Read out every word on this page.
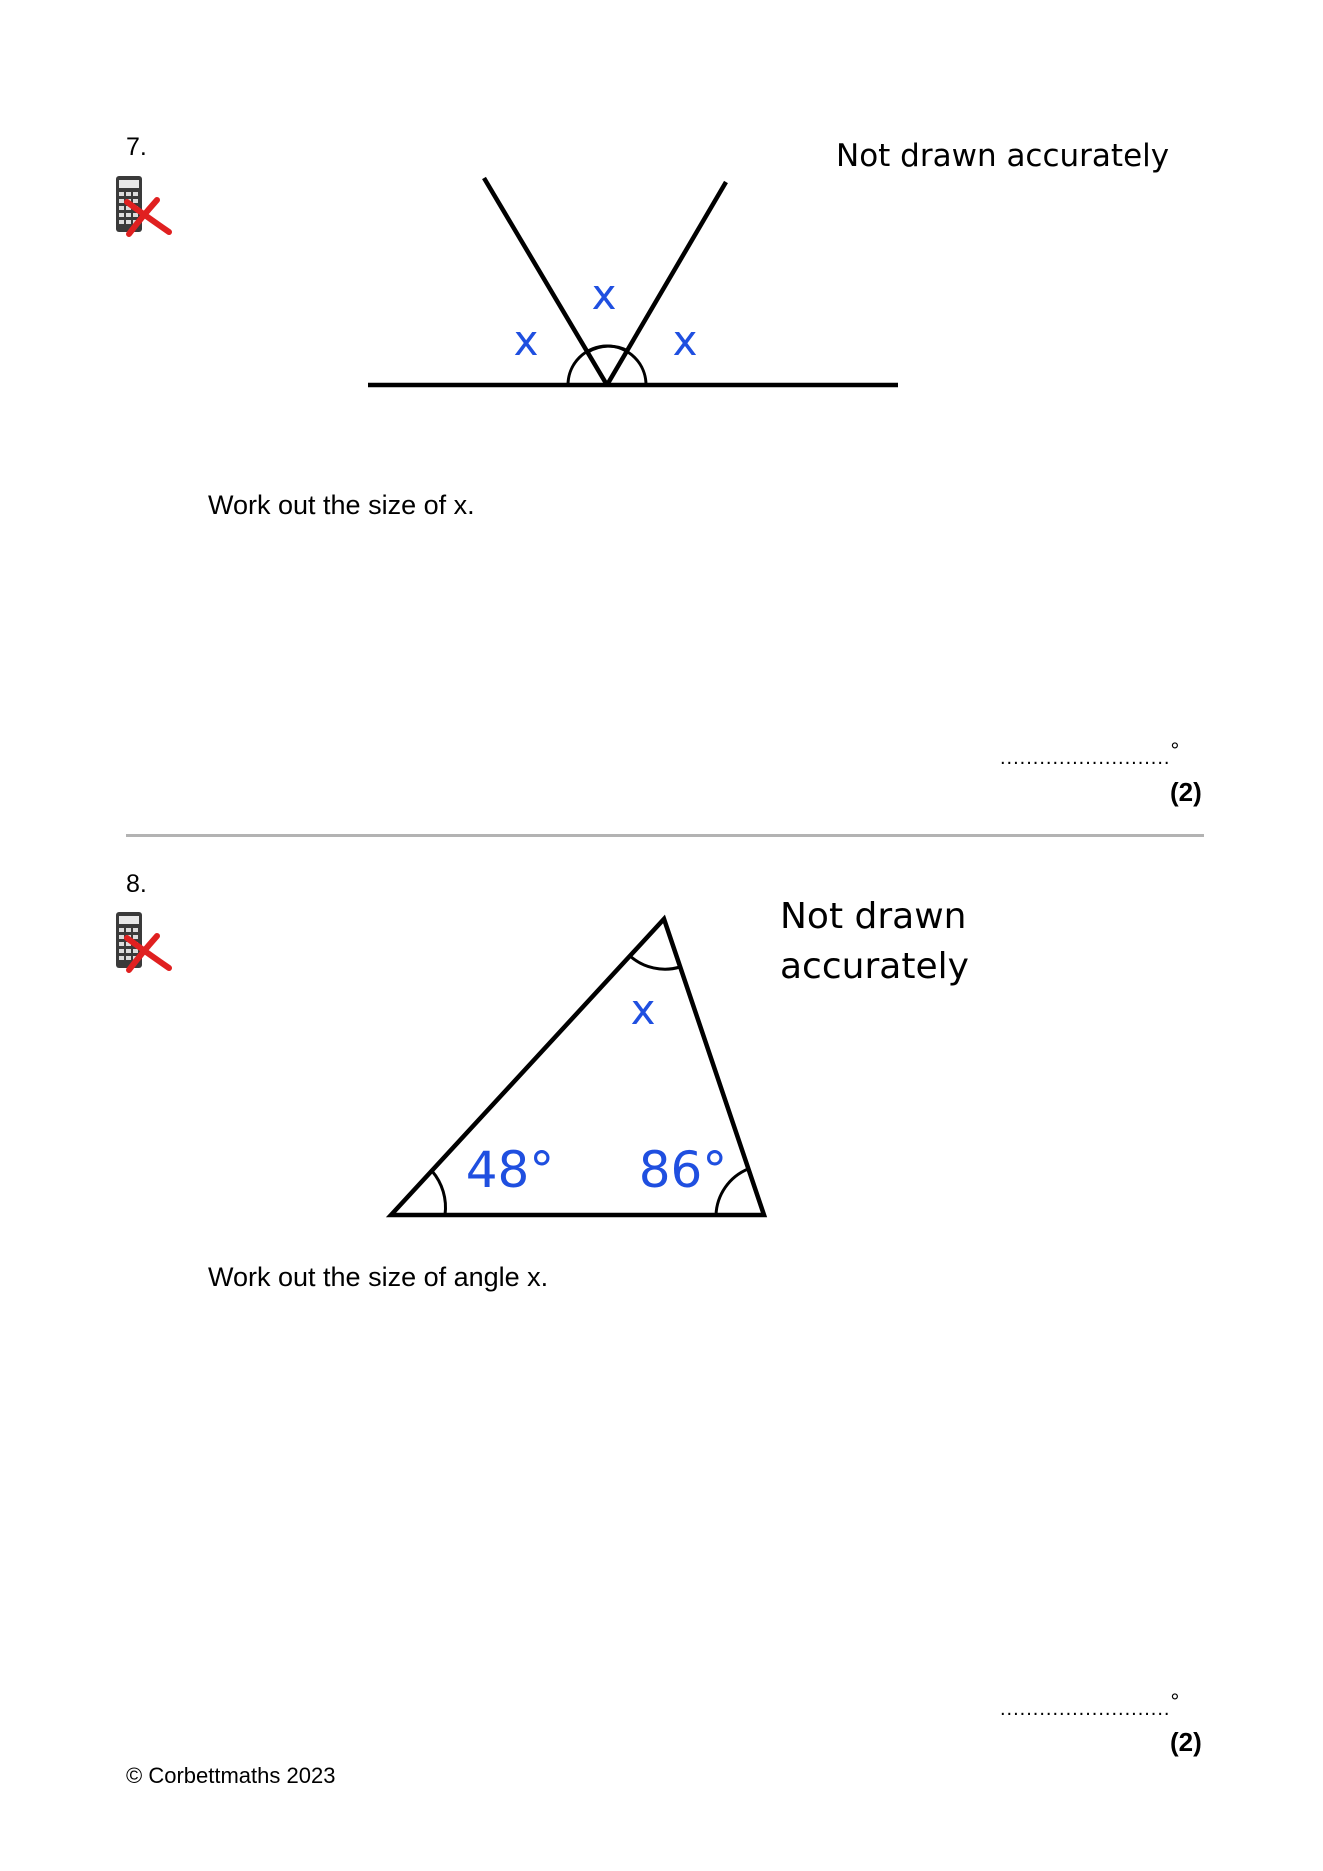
7.	Not drawn accurately
x
x
x
Work out the size of x.
..........................°
(2)
8.
Not drawn
accurately
x
48° 86°
Work out the size of angle x.
..........................°
(2)
© Corbettmaths 2023
